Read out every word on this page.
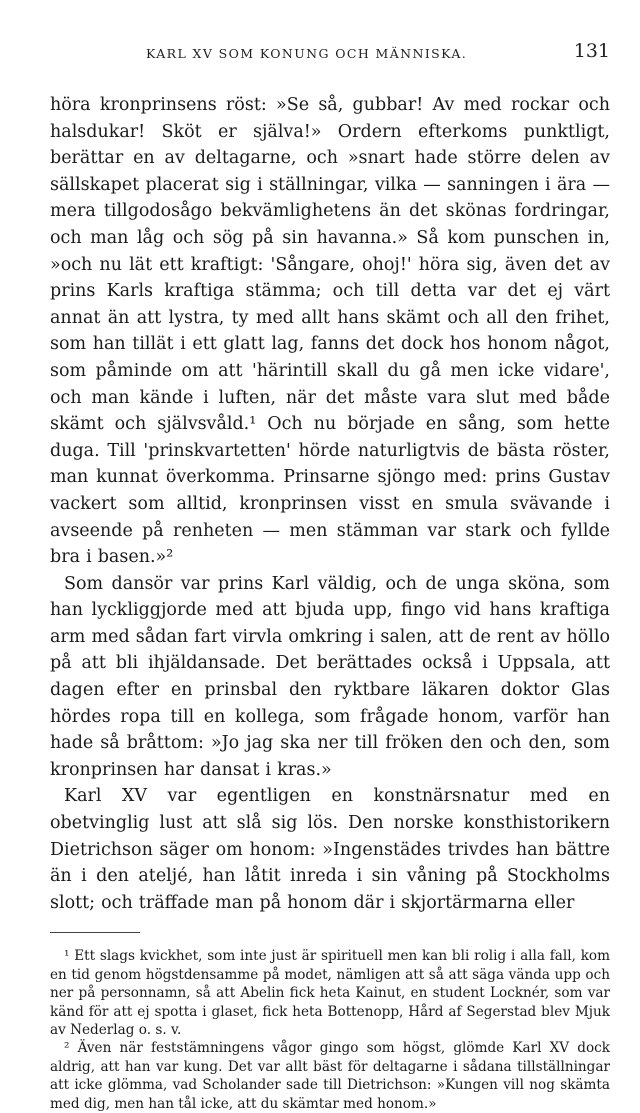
KARL XV SOM KONUNG OCH MÄNNISKA.	131

höra kronprinsens röst: »Se så, gubbar! Av med rockar och halsdukar! Sköt er själva!» Ordern efterkoms punktligt, berättar en av deltagarne, och »snart hade större delen av sällskapet placerat sig i ställningar, vilka — sanningen i ära — mera tillgodosågo bekvämlighetens än det skönas fordringar, och man låg och sög på sin havanna.» Så kom punschen in, »och nu lät ett kraftigt: 'Sångare, ohoj!' höra sig, även det av prins Karls kraftiga stämma; och till detta var det ej värt annat än att lystra, ty med allt hans skämt och all den frihet, som han tillät i ett glatt lag, fanns det dock hos honom något, som påminde om att 'härintill skall du gå men icke vidare', och man kände i luften, när det måste vara slut med både skämt och självsvåld.¹ Och nu började en sång, som hette duga. Till 'prinskvartetten' hörde naturligtvis de bästa röster, man kunnat överkomma. Prinsarne sjöngo med: prins Gustav vackert som alltid, kronprinsen visst en smula svävande i avseende på renheten — men stämman var stark och fyllde bra i basen.»²

Som dansör var prins Karl väldig, och de unga sköna, som han lyckliggjorde med att bjuda upp, fingo vid hans kraftiga arm med sådan fart virvla omkring i salen, att de rent av höllo på att bli ihjäldansade. Det berättades också i Uppsala, att dagen efter en prinsbal den ryktbare läkaren doktor Glas hördes ropa till en kollega, som frågade honom, varför han hade så bråttom: »Jo jag ska ner till fröken den och den, som kronprinsen har dansat i kras.»

Karl XV var egentligen en konstnärsnatur med en obetvinglig lust att slå sig lös. Den norske konsthistorikern Dietrichson säger om honom: »Ingenstädes trivdes han bättre än i den ateljé, han låtit inreda i sin våning på Stockholms slott; och träffade man på honom där i skjortärmarna eller

¹ Ett slags kvickhet, som inte just är spirituell men kan bli rolig i alla fall, kom en tid genom högstdensamme på modet, nämligen att så att säga vända upp och ner på personnamn, så att Abelin fick heta Kainut, en student Locknér, som var känd för att ej spotta i glaset, fick heta Bottenopp, Hård af Segerstad blev Mjuk av Nederlag o. s. v.

² Även när feststämningens vågor gingo som högst, glömde Karl XV dock aldrig, att han var kung. Det var allt bäst för deltagarne i sådana tillställningar att icke glömma, vad Scholander sade till Dietrichson: »Kungen vill nog skämta med dig, men han tål icke, att du skämtar med honom.»
